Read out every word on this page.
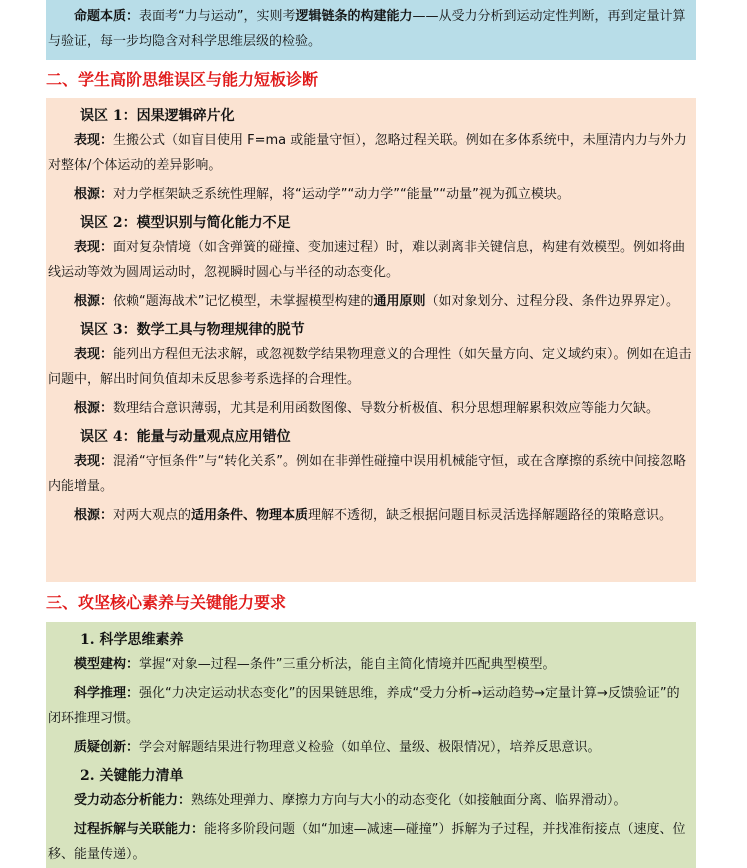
命题本质：表面考“力与运动”，实则考逻辑链条的构建能力——从受力分析到运动定性判断，再到定量计算与验证，每一步均隐含对科学思维层级的检验。

二、学生高阶思维误区与能力短板诊断
误区 1：因果逻辑碎片化

表现：生搬公式（如盲目使用 F=ma 或能量守恒），忽略过程关联。例如在多体系统中，未厘清内力与外力对整体/个体运动的差异影响。

根源：对力学框架缺乏系统性理解，将“运动学”“动力学”“能量”“动量”视为孤立模块。

误区 2：模型识别与简化能力不足

表现：面对复杂情境（如含弹簧的碰撞、变加速过程）时，难以剥离非关键信息，构建有效模型。例如将曲线运动等效为圆周运动时，忽视瞬时圆心与半径的动态变化。

根源：依赖“题海战术”记忆模型，未掌握模型构建的通用原则（如对象划分、过程分段、条件边界界定）。

误区 3：数学工具与物理规律的脱节

表现：能列出方程但无法求解，或忽视数学结果物理意义的合理性（如矢量方向、定义域约束）。例如在追击问题中，解出时间负值却未反思参考系选择的合理性。

根源：数理结合意识薄弱，尤其是利用函数图像、导数分析极值、积分思想理解累积效应等能力欠缺。

误区 4：能量与动量观点应用错位

表现：混淆“守恒条件”与“转化关系”。例如在非弹性碰撞中误用机械能守恒，或在含摩擦的系统中间接忽略内能增量。

根源：对两大观点的适用条件、物理本质理解不透彻，缺乏根据问题目标灵活选择解题路径的策略意识。

三、攻坚核心素养与关键能力要求
1. 科学思维素养

模型建构：掌握“对象—过程—条件”三重分析法，能自主简化情境并匹配典型模型。

科学推理：强化“力决定运动状态变化”的因果链思维，养成“受力分析→运动趋势→定量计算→反馈验证”的闭环推理习惯。

质疑创新：学会对解题结果进行物理意义检验（如单位、量级、极限情况），培养反思意识。

2. 关键能力清单

受力动态分析能力：熟练处理弹力、摩擦力方向与大小的动态变化（如接触面分离、临界滑动）。

过程拆解与关联能力：能将多阶段问题（如“加速—减速—碰撞”）拆解为子过程，并找准衔接点（速度、位移、能量传递）。
